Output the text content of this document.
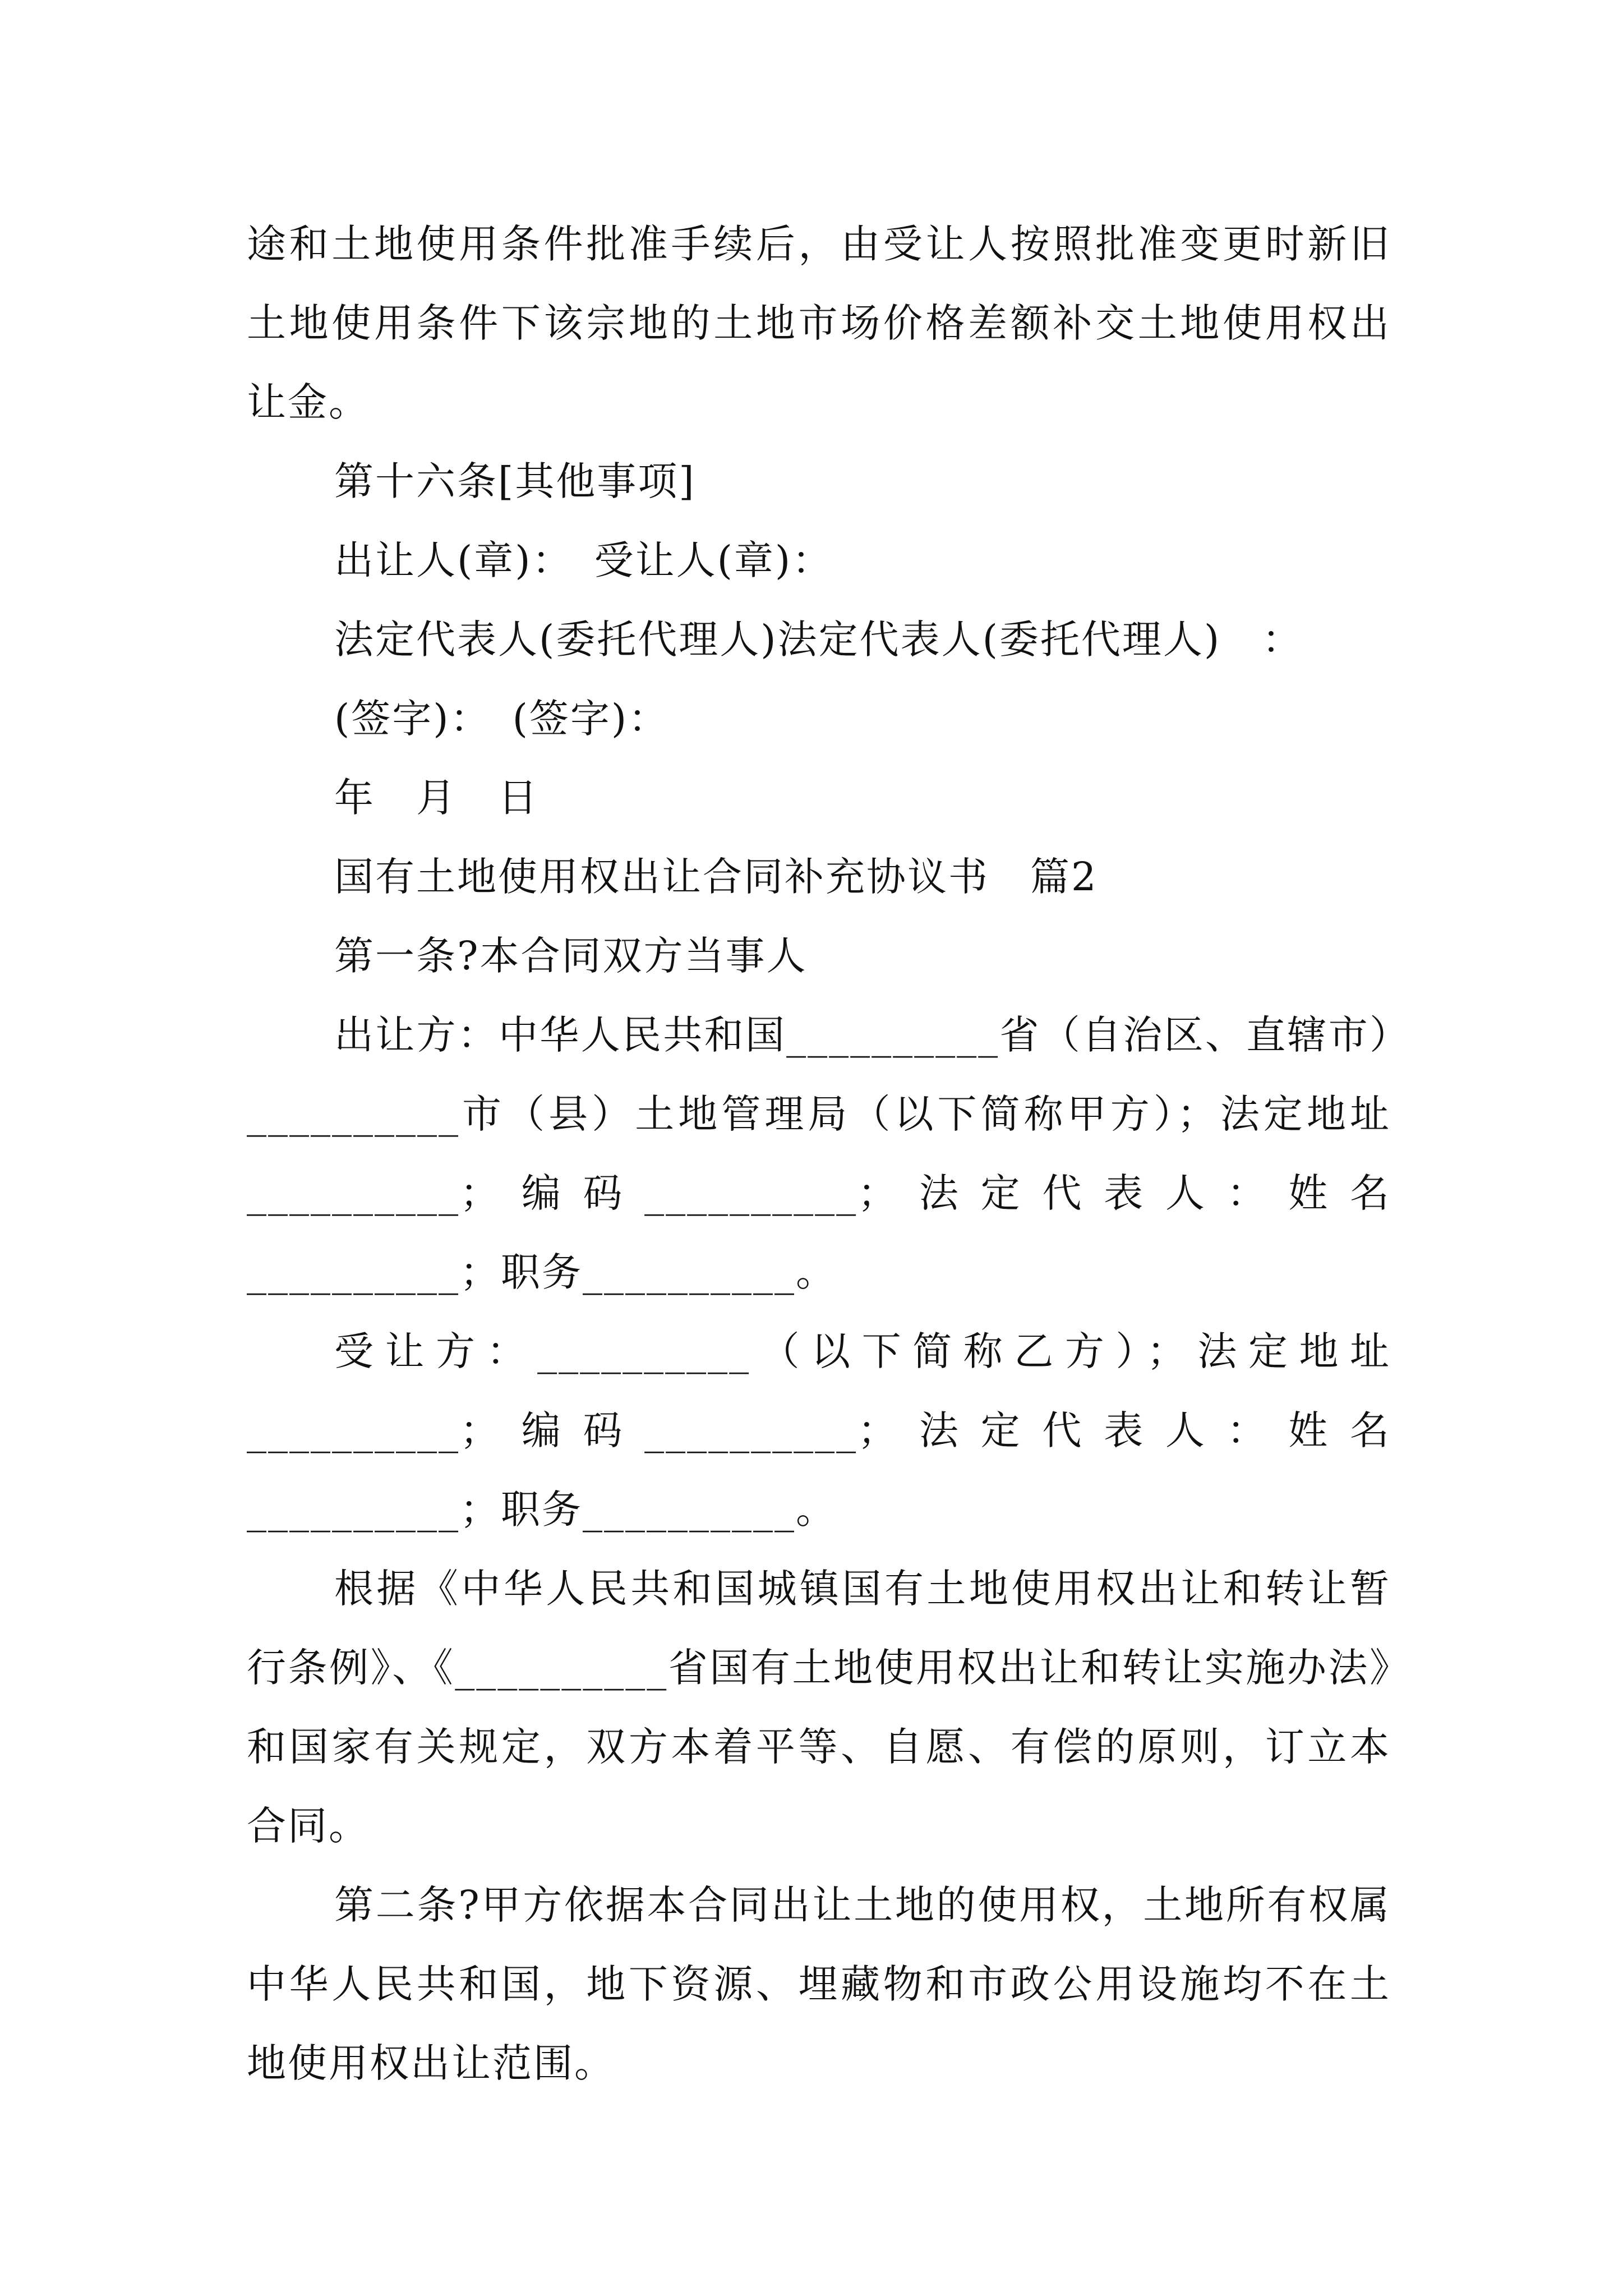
途和土地使用条件批准手续后，由受让人按照批准变更时新旧土地使用条件下该宗地的土地市场价格差额补交土地使用权出让金。

第十六条[其他事项]

出让人(章)：　受让人(章)：

法定代表人(委托代理人)法定代表人(委托代理人)　：

(签字)：　(签字)：

年　月　日

国有土地使用权出让合同补充协议书　篇2

第一条?本合同双方当事人

出让方：中华人民共和国__________省（自治区、直辖市）__________市（县）土地管理局（以下简称甲方）；法定地址__________；编码__________；法定代表人：姓名__________；职务__________。

受让方：__________（以下简称乙方）；法定地址__________；编码__________；法定代表人：姓名__________；职务__________。

根据《中华人民共和国城镇国有土地使用权出让和转让暂行条例》、《__________省国有土地使用权出让和转让实施办法》和国家有关规定，双方本着平等、自愿、有偿的原则，订立本合同。

第二条?甲方依据本合同出让土地的使用权，土地所有权属中华人民共和国，地下资源、埋藏物和市政公用设施均不在土地使用权出让范围。
